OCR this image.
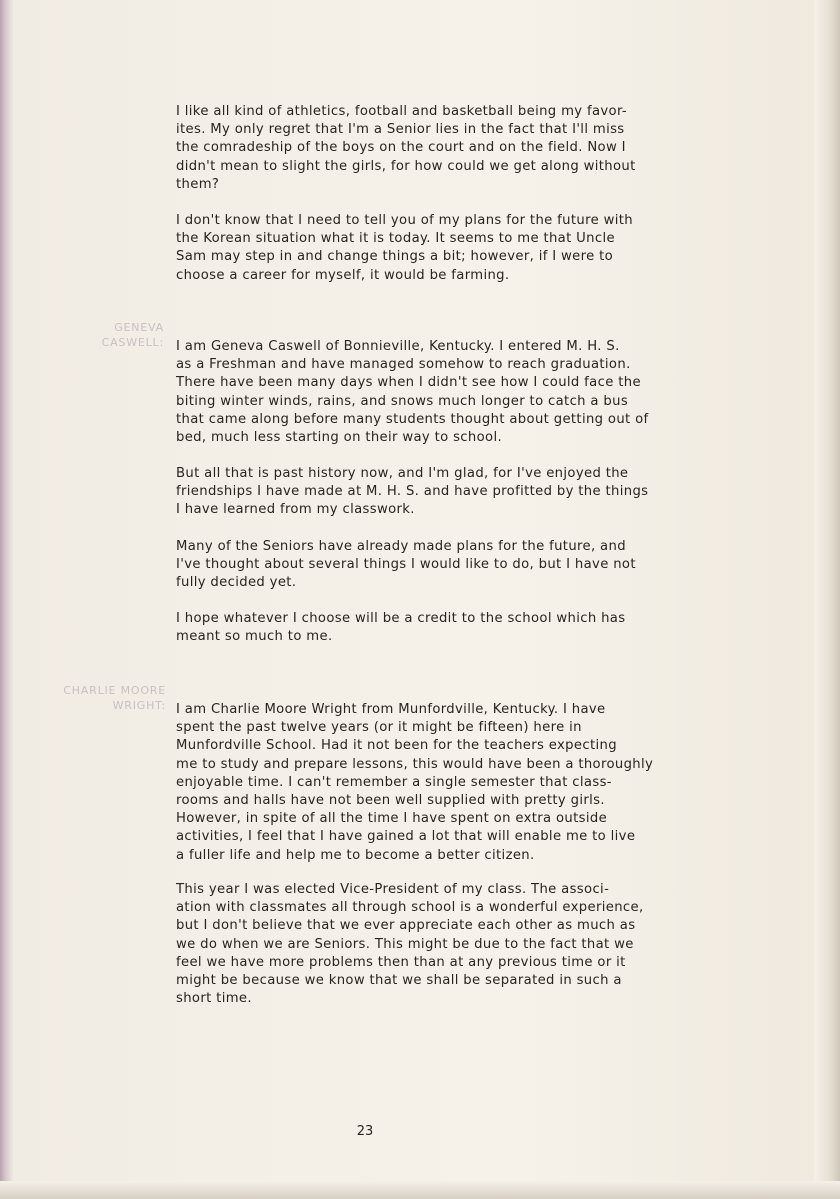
I like all kind of athletics, football and basketball being my favor-
ites. My only regret that I'm a Senior lies in the fact that I'll miss
the comradeship of the boys on the court and on the field. Now I
didn't mean to slight the girls, for how could we get along without
them?

I don't know that I need to tell you of my plans for the future with
the Korean situation what it is today. It seems to me that Uncle
Sam may step in and change things a bit; however, if I were to
choose a career for myself, it would be farming.

GENEVA
CASWELL: I am Geneva Caswell of Bonnieville, Kentucky. I entered M. H. S.
as a Freshman and have managed somehow to reach graduation.
There have been many days when I didn't see how I could face the
biting winter winds, rains, and snows much longer to catch a bus
that came along before many students thought about getting out of
bed, much less starting on their way to school.

But all that is past history now, and I'm glad, for I've enjoyed the
friendships I have made at M. H. S. and have profitted by the things
I have learned from my classwork.

Many of the Seniors have already made plans for the future, and
I've thought about several things I would like to do, but I have not
fully decided yet.

I hope whatever I choose will be a credit to the school which has
meant so much to me.

CHARLIE MOORE
WRIGHT: I am Charlie Moore Wright from Munfordville, Kentucky. I have
spent the past twelve years (or it might be fifteen) here in
Munfordville School. Had it not been for the teachers expecting
me to study and prepare lessons, this would have been a thoroughly
enjoyable time. I can't remember a single semester that class-
rooms and halls have not been well supplied with pretty girls.
However, in spite of all the time I have spent on extra outside
activities, I feel that I have gained a lot that will enable me to live
a fuller life and help me to become a better citizen.

This year I was elected Vice-President of my class. The associ-
ation with classmates all through school is a wonderful experience,
but I don't believe that we ever appreciate each other as much as
we do when we are Seniors. This might be due to the fact that we
feel we have more problems then than at any previous time or it
might be because we know that we shall be separated in such a
short time.

23
